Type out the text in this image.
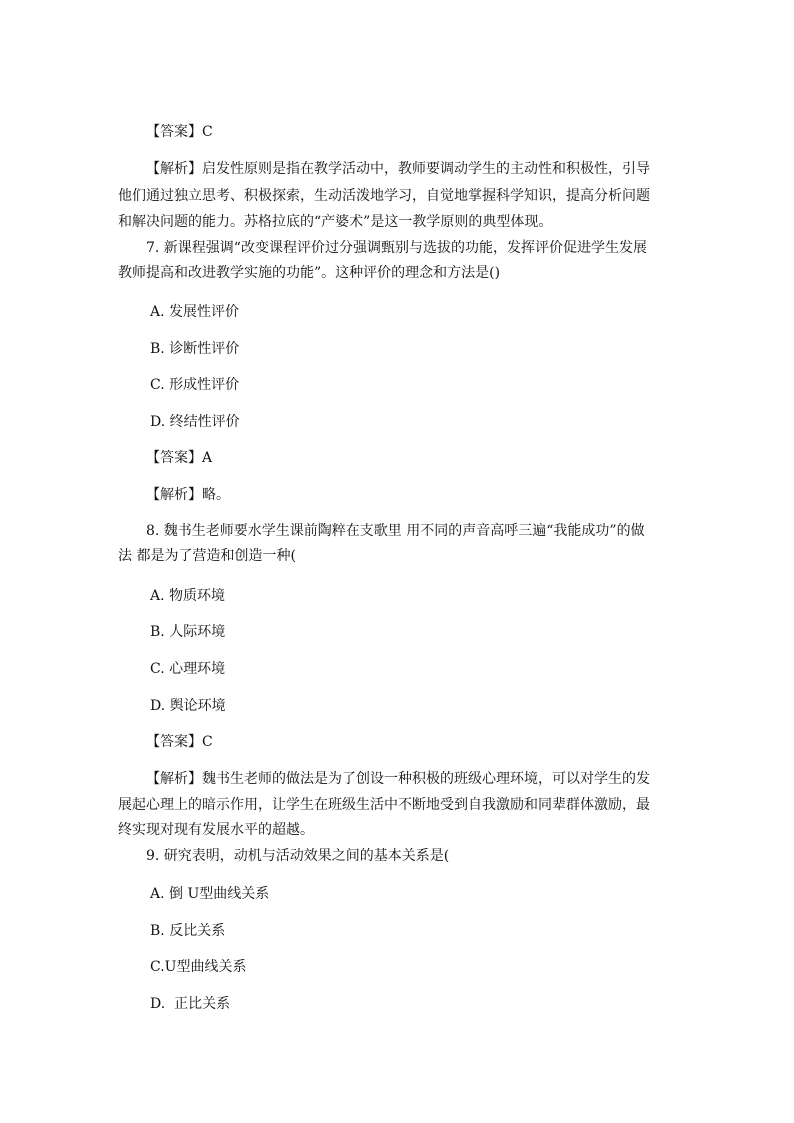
【答案】C
【解析】启发性原则是指在教学活动中，教师要调动学生的主动性和积极性，引导
他们通过独立思考、积极探索，生动活泼地学习，自觉地掌握科学知识，提高分析问题
和解决问题的能力。苏格拉底的“产婆术”是这一教学原则的典型体现。
7. 新课程强调“改变课程评价过分强调甄别与选拔的功能，发挥评价促进学生发展
教师提高和改进教学实施的功能”。这种评价的理念和方法是()
A. 发展性评价
B. 诊断性评价
C. 形成性评价
D. 终结性评价
【答案】A
【解析】略。
8. 魏书生老师要水学生课前陶粹在支歌里 用不同的声音高呼三遍“我能成功”的做
法 都是为了营造和创造一种(
A. 物质环境
B. 人际环境
C. 心理环境
D. 舆论环境
【答案】C
【解析】魏书生老师的做法是为了创设一种积极的班级心理环境，可以对学生的发
展起心理上的暗示作用，让学生在班级生活中不断地受到自我激励和同辈群体激励，最
终实现对现有发展水平的超越。
9. 研究表明，动机与活动效果之间的基本关系是(
A. 倒 U型曲线关系
B. 反比关系
C.U型曲线关系
D.  正比关系
